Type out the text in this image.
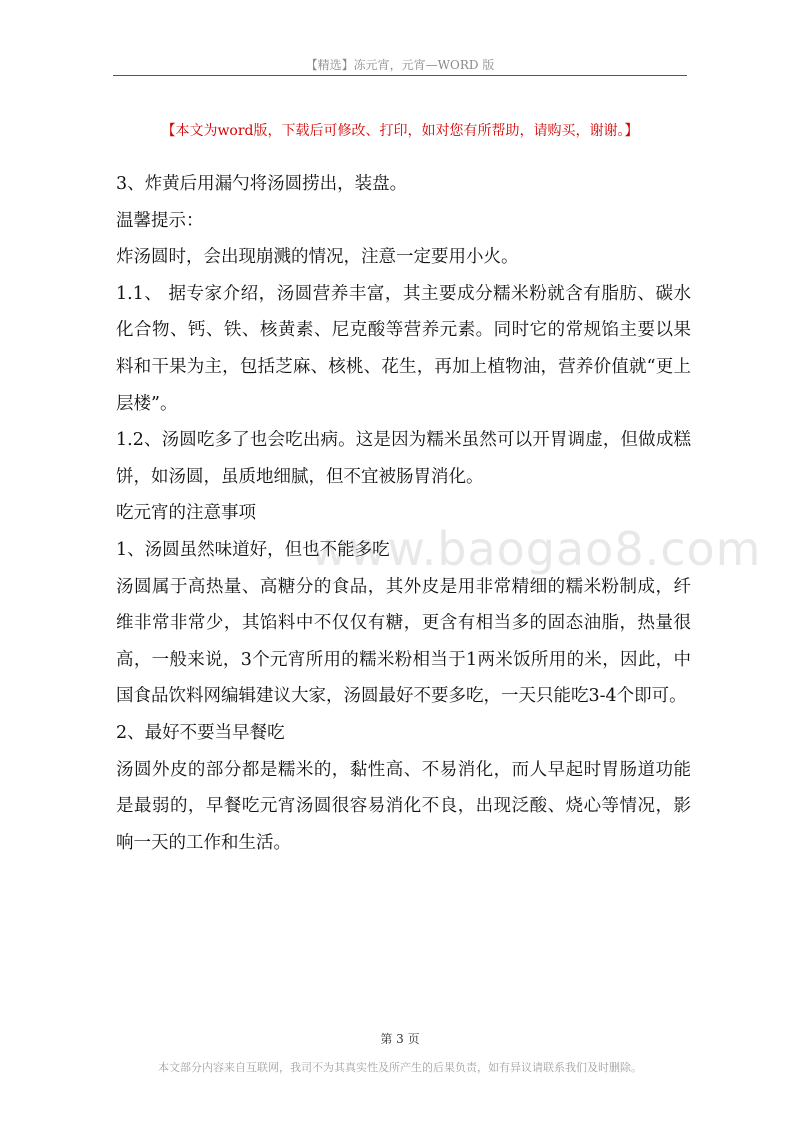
【精选】冻元宵，元宵—WORD 版
【本文为word版，下载后可修改、打印，如对您有所帮助，请购买，谢谢。】
www.baogao8.com

3、炸黄后用漏勺将汤圆捞出，装盘。

温馨提示：

炸汤圆时，会出现崩溅的情况，注意一定要用小火。

1.1、 据专家介绍，汤圆营养丰富，其主要成分糯米粉就含有脂肪、碳水化合物、钙、铁、核黄素、尼克酸等营养元素。同时它的常规馅主要以果料和干果为主，包括芝麻、核桃、花生，再加上植物油，营养价值就“更上层楼”。

1.2、汤圆吃多了也会吃出病。这是因为糯米虽然可以开胃调虚，但做成糕饼，如汤圆，虽质地细腻，但不宜被肠胃消化。

吃元宵的注意事项

1、汤圆虽然味道好，但也不能多吃

汤圆属于高热量、高糖分的食品，其外皮是用非常精细的糯米粉制成，纤维非常非常少，其馅料中不仅仅有糖，更含有相当多的固态油脂，热量很高，一般来说，3个元宵所用的糯米粉相当于1两米饭所用的米，因此，中国食品饮料网编辑建议大家，汤圆最好不要多吃，一天只能吃3-4个即可。

2、最好不要当早餐吃

汤圆外皮的部分都是糯米的，黏性高、不易消化，而人早起时胃肠道功能是最弱的，早餐吃元宵汤圆很容易消化不良，出现泛酸、烧心等情况，影响一天的工作和生活。

第 3 页
本文部分内容来自互联网，我司不为其真实性及所产生的后果负责，如有异议请联系我们及时删除。
